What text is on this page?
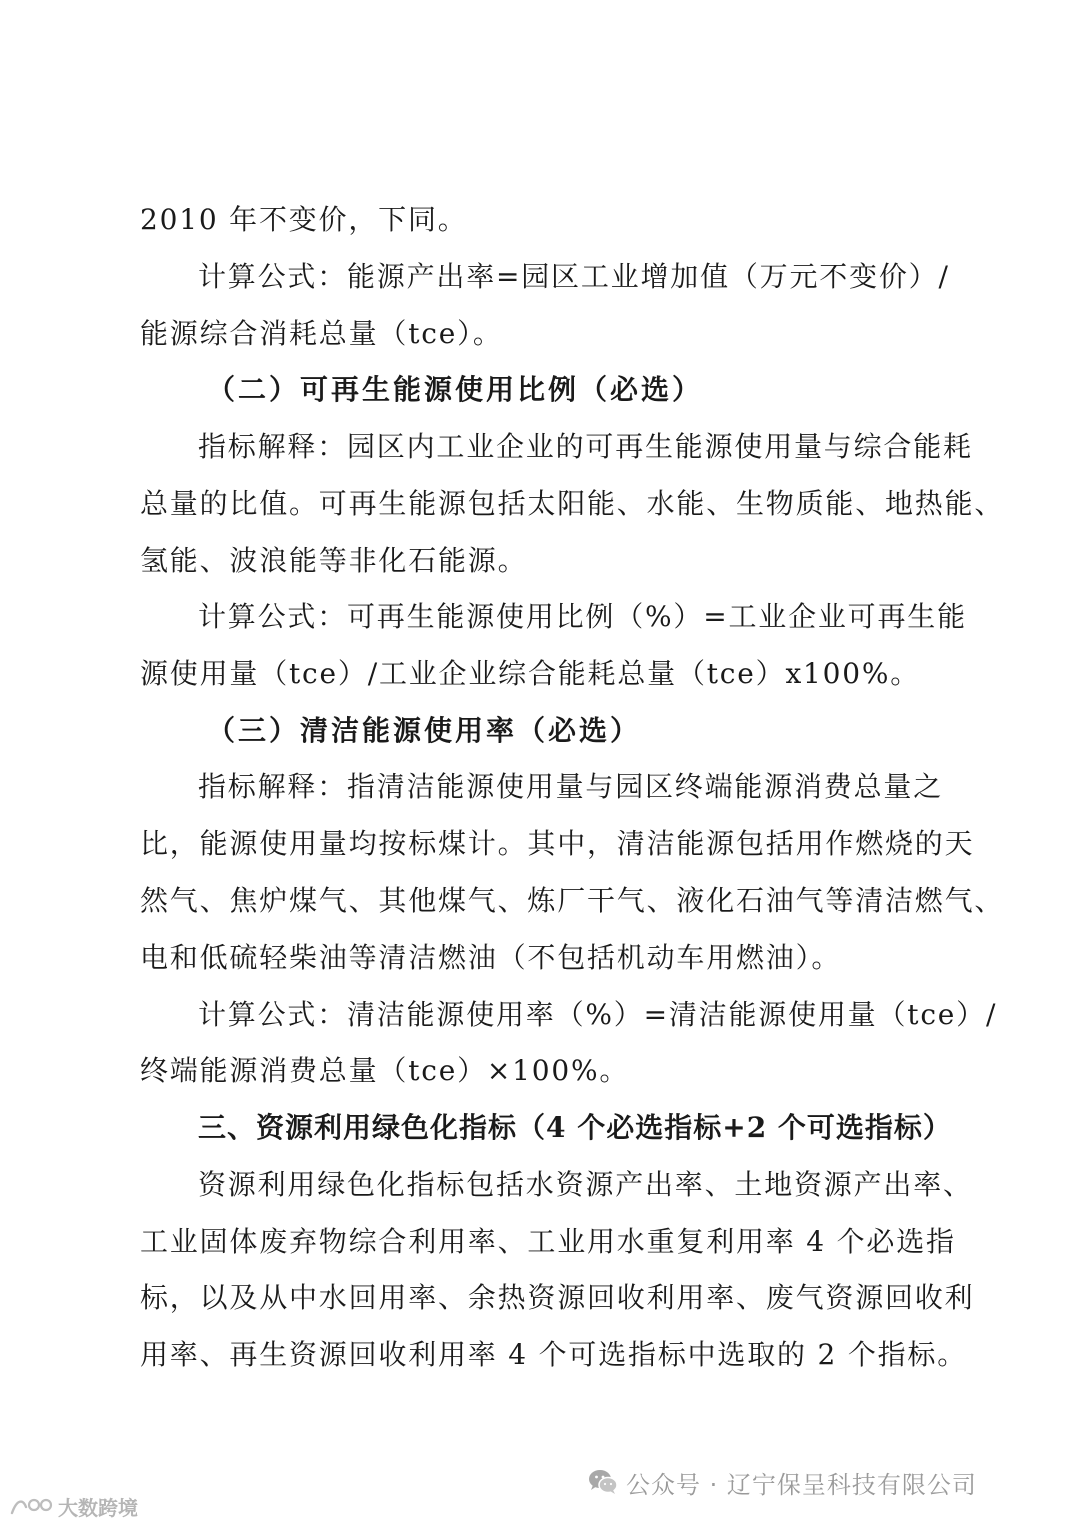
2010 年不变价，下同。

计算公式：能源产出率=园区工业增加值（万元不变价）/

能源综合消耗总量（tce）。

（二）可再生能源使用比例（必选）

指标解释：园区内工业企业的可再生能源使用量与综合能耗

总量的比值。可再生能源包括太阳能、水能、生物质能、地热能、

氢能、波浪能等非化石能源。

计算公式：可再生能源使用比例（%）=工业企业可再生能

源使用量（tce）/工业企业综合能耗总量（tce）x100%。

（三）清洁能源使用率（必选）

指标解释：指清洁能源使用量与园区终端能源消费总量之

比，能源使用量均按标煤计。其中，清洁能源包括用作燃烧的天

然气、焦炉煤气、其他煤气、炼厂干气、液化石油气等清洁燃气、

电和低硫轻柴油等清洁燃油（不包括机动车用燃油）。

计算公式：清洁能源使用率（%）=清洁能源使用量（tce）/

终端能源消费总量（tce）×100%。

三、资源利用绿色化指标（4 个必选指标+2 个可选指标）

资源利用绿色化指标包括水资源产出率、土地资源产出率、

工业固体废弃物综合利用率、工业用水重复利用率 4 个必选指

标，以及从中水回用率、余热资源回收利用率、废气资源回收利

用率、再生资源回收利用率 4 个可选指标中选取的 2 个指标。

公众号 · 辽宁保呈科技有限公司
大数跨境
